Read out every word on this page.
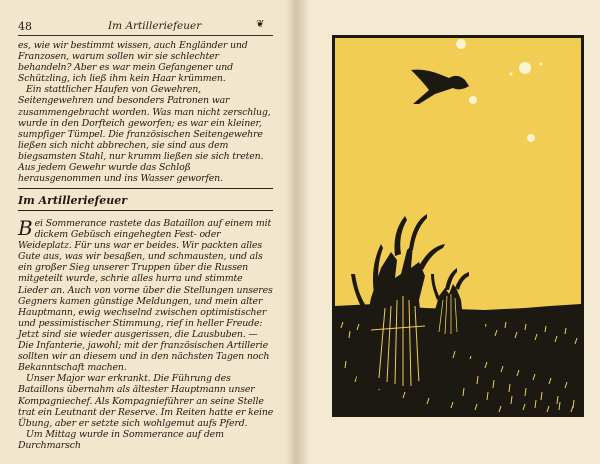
48	Im Artilleriefeuer	❦

es, wie wir bestimmt wissen, auch Engländer und Franzosen, warum sollen wir sie schlechter behandeln? Aber es war mein Gefangener und Schützling, ich ließ ihm kein Haar krümmen.

Ein stattlicher Haufen von Gewehren, Seitengewehren und besonders Patronen war zusammengebracht worden. Was man nicht zerschlug, wurde in den Dorfteich geworfen; es war ein kleiner, sumpfiger Tümpel. Die französischen Seitengewehre ließen sich nicht abbrechen, sie sind aus dem biegsamsten Stahl, nur krumm ließen sie sich treten. Aus jedem Gewehr wurde das Schloß herausgenommen und ins Wasser geworfen.

Im Artilleriefeuer

Bei Sommerance rastete das Bataillon auf einem mit dickem Gebüsch eingehegten Fest- oder Weideplatz. Für uns war er beides. Wir packten alles Gute aus, was wir besaßen, und schmausten, und als ein großer Sieg unserer Truppen über die Russen mitgeteilt wurde, schrie alles hurra und stimmte Lieder an. Auch von vorne über die Stellungen unseres Gegners kamen günstige Meldungen, und mein alter Hauptmann, ewig wechselnd zwischen optimistischer und pessimistischer Stimmung, rief in heller Freude: Jetzt sind sie wieder ausgerissen, die Lausbuben. — Die Infanterie, jawohl; mit der französischen Artillerie sollten wir an diesem und in den nächsten Tagen noch Bekanntschaft machen.

Unser Major war erkrankt. Die Führung des Bataillons übernahm als ältester Hauptmann unser Kompagniechef. Als Kompagnieführer an seine Stelle trat ein Leutnant der Reserve. Im Reiten hatte er keine Übung, aber er setzte sich wohlgemut aufs Pferd.

Um Mittag wurde in Sommerance auf dem Durchmarsch
